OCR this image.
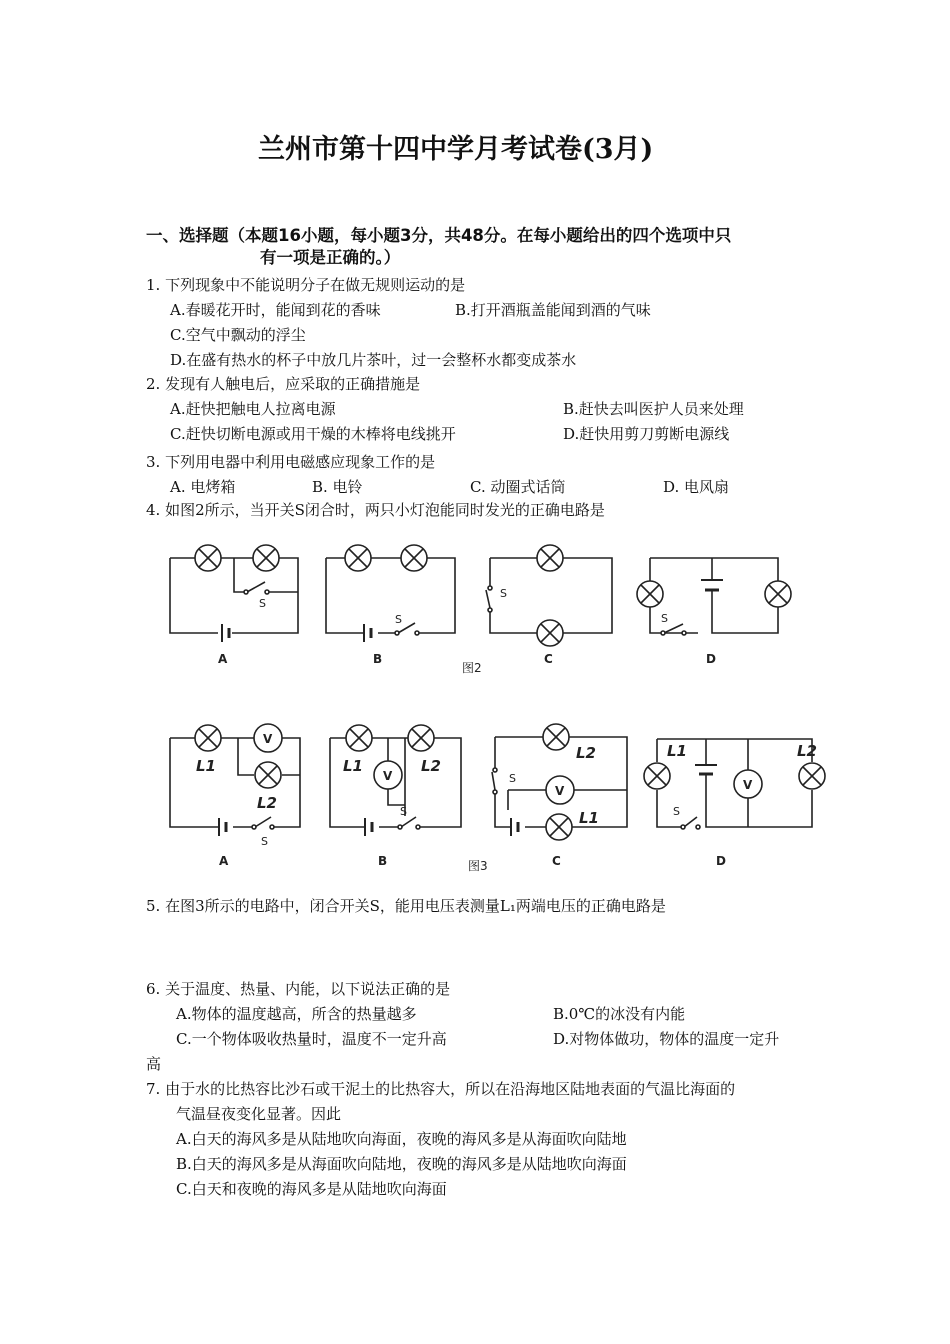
兰州市第十四中学月考试卷(3月)
一、选择题（本题16小题，每小题3分，共48分。在每小题给出的四个选项中只
有一项是正确的。）
1. 下列现象中不能说明分子在做无规则运动的是
A.春暖花开时，能闻到花的香味	B.打开酒瓶盖能闻到酒的气味
C.空气中飘动的浮尘
D.在盛有热水的杯子中放几片茶叶，过一会整杯水都变成茶水
2. 发现有人触电后，应采取的正确措施是
A.赶快把触电人拉离电源	B.赶快去叫医护人员来处理
C.赶快切断电源或用干燥的木棒将电线挑开	D.赶快用剪刀剪断电源线
3. 下列用电器中利用电磁感应现象工作的是
A. 电烤箱	B. 电铃	C. 动圈式话筒	D. 电风扇
4. 如图2所示，当开关S闭合时，两只小灯泡能同时发光的正确电路是
S
S
S
S
A	B	C	D
图2
V
V
V	V
L1
L2
L1	L2
L2
L1
L1	L2
S
S
S
S
A	B	C	D
图3
5. 在图3所示的电路中，闭合开关S，能用电压表测量L₁两端电压的正确电路是
6. 关于温度、热量、内能，以下说法正确的是
A.物体的温度越高，所含的热量越多	B.0℃的冰没有内能
C.一个物体吸收热量时，温度不一定升高	D.对物体做功，物体的温度一定升
高
7. 由于水的比热容比沙石或干泥土的比热容大，所以在沿海地区陆地表面的气温比海面的
气温昼夜变化显著。因此
A.白天的海风多是从陆地吹向海面，夜晚的海风多是从海面吹向陆地
B.白天的海风多是从海面吹向陆地，夜晚的海风多是从陆地吹向海面
C.白天和夜晚的海风多是从陆地吹向海面
